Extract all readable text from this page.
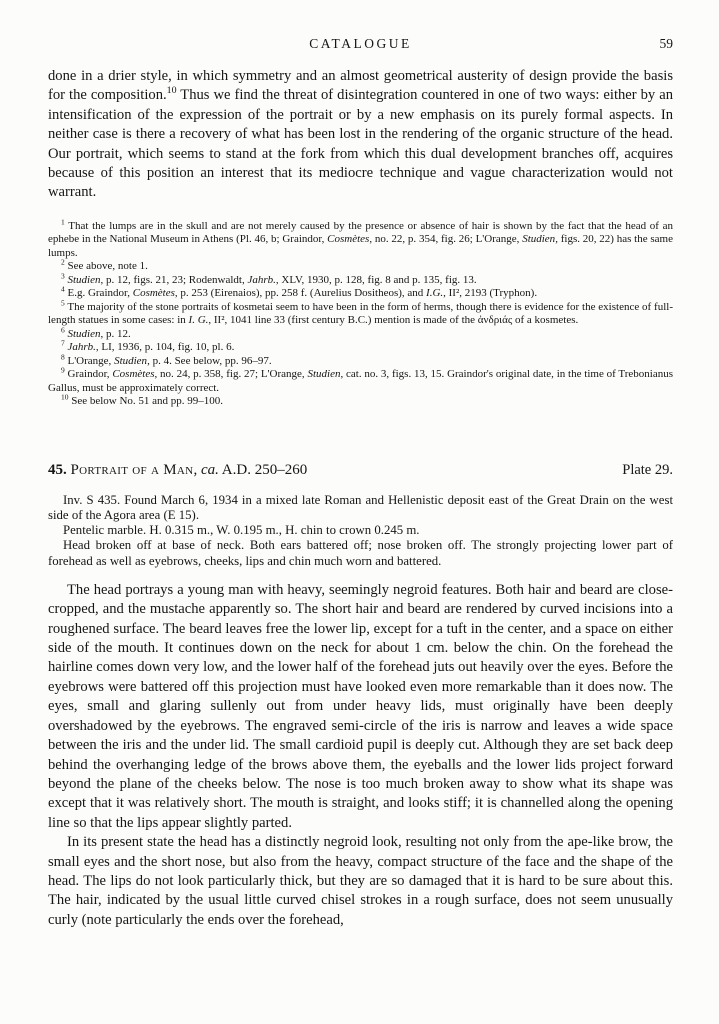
CATALOGUE	59

done in a drier style, in which symmetry and an almost geometrical austerity of design provide the basis for the composition.$^{10}$ Thus we find the threat of disintegration countered in one of two ways: either by an intensification of the expression of the portrait or by a new emphasis on its purely formal aspects. In neither case is there a recovery of what has been lost in the rendering of the organic structure of the head. Our portrait, which seems to stand at the fork from which this dual development branches off, acquires because of this position an interest that its mediocre technique and vague characterization would not warrant.

$^1$ That the lumps are in the skull and are not merely caused by the presence or absence of hair is shown by the fact that the head of an ephebe in the National Museum in Athens (Pl. 46, b; Graindor, Cosmètes, no. 22, p. 354, fig. 26; L'Orange, Studien, figs. 20, 22) has the same lumps.

$^2$ See above, note 1.

$^3$ Studien, p. 12, figs. 21, 23; Rodenwaldt, Jahrb., XLV, 1930, p. 128, fig. 8 and p. 135, fig. 13.

$^4$ E.g. Graindor, Cosmètes, p. 253 (Eirenaios), pp. 258 f. (Aurelius Dositheos), and I.G., II², 2193 (Tryphon).

$^5$ The majority of the stone portraits of kosmetai seem to have been in the form of herms, though there is evidence for the existence of full-length statues in some cases: in I. G., II², 1041 line 33 (first century B.C.) mention is made of the ἀνδριάς of a kosmetes.

$^6$ Studien, p. 12.

$^7$ Jahrb., LI, 1936, p. 104, fig. 10, pl. 6.

$^8$ L'Orange, Studien, p. 4. See below, pp. 96–97.

$^9$ Graindor, Cosmètes, no. 24, p. 358, fig. 27; L'Orange, Studien, cat. no. 3, figs. 13, 15. Graindor's original date, in the time of Trebonianus Gallus, must be approximately correct.

$^{10}$ See below No. 51 and pp. 99–100.

45. Portrait of a Man, ca. A.D. 250–260	Plate 29.

Inv. S 435. Found March 6, 1934 in a mixed late Roman and Hellenistic deposit east of the Great Drain on the west side of the Agora area (E 15).

Pentelic marble. H. 0.315 m., W. 0.195 m., H. chin to crown 0.245 m.

Head broken off at base of neck. Both ears battered off; nose broken off. The strongly projecting lower part of forehead as well as eyebrows, cheeks, lips and chin much worn and battered.

The head portrays a young man with heavy, seemingly negroid features. Both hair and beard are close-cropped, and the mustache apparently so. The short hair and beard are rendered by curved incisions into a roughened surface. The beard leaves free the lower lip, except for a tuft in the center, and a space on either side of the mouth. It continues down on the neck for about 1 cm. below the chin. On the forehead the hairline comes down very low, and the lower half of the forehead juts out heavily over the eyes. Before the eyebrows were battered off this projection must have looked even more remarkable than it does now. The eyes, small and glaring sullenly out from under heavy lids, must originally have been deeply overshadowed by the eyebrows. The engraved semi-circle of the iris is narrow and leaves a wide space between the iris and the under lid. The small cardioid pupil is deeply cut. Although they are set back deep behind the overhanging ledge of the brows above them, the eyeballs and the lower lids project forward beyond the plane of the cheeks below. The nose is too much broken away to show what its shape was except that it was relatively short. The mouth is straight, and looks stiff; it is channelled along the opening line so that the lips appear slightly parted.

In its present state the head has a distinctly negroid look, resulting not only from the ape-like brow, the small eyes and the short nose, but also from the heavy, compact structure of the face and the shape of the head. The lips do not look particularly thick, but they are so damaged that it is hard to be sure about this. The hair, indicated by the usual little curved chisel strokes in a rough surface, does not seem unusually curly (note particularly the ends over the forehead,
